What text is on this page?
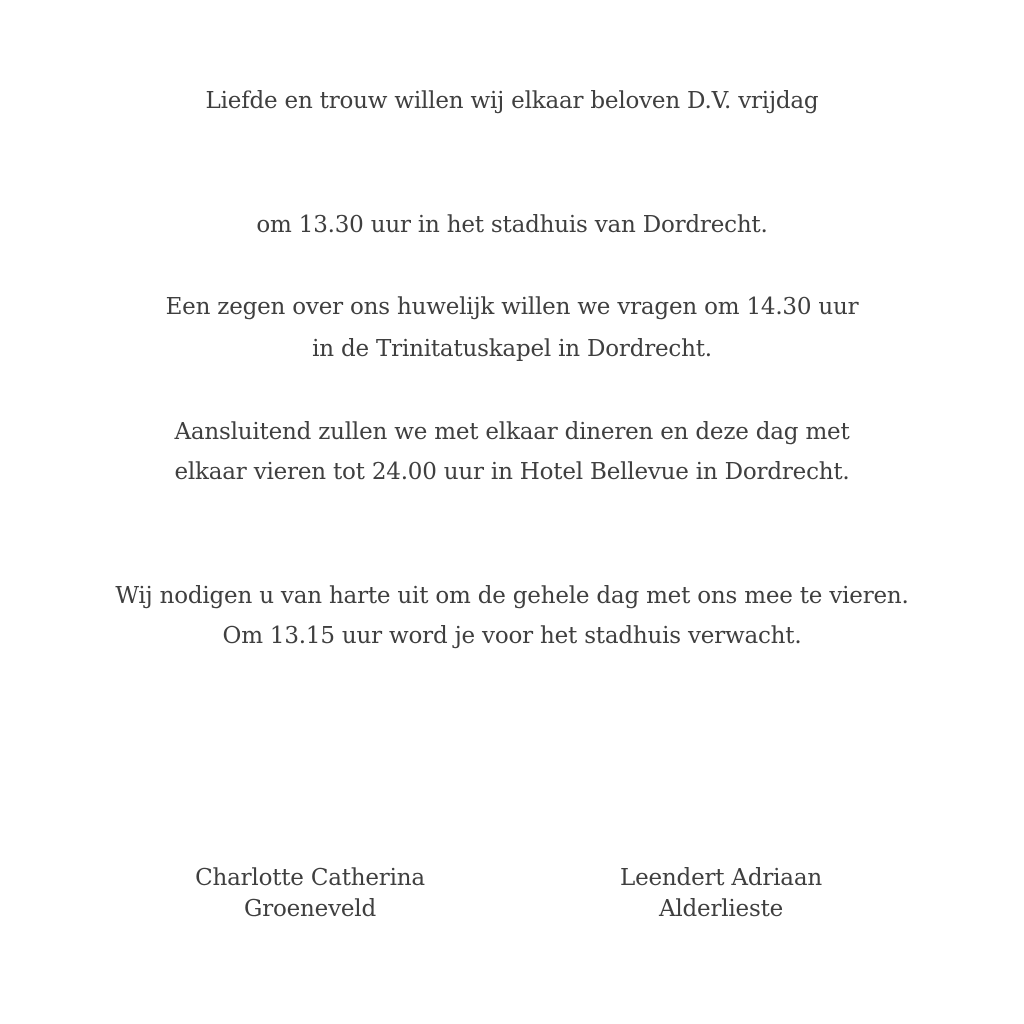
Liefde en trouw willen wij elkaar beloven D.V. vrijdag
om 13.30 uur in het stadhuis van Dordrecht.
Een zegen over ons huwelijk willen we vragen om 14.30 uur
in de Trinitatuskapel in Dordrecht.
Aansluitend zullen we met elkaar dineren en deze dag met
elkaar vieren tot 24.00 uur in Hotel Bellevue in Dordrecht.
Wij nodigen u van harte uit om de gehele dag met ons mee te vieren.
Om 13.15 uur word je voor het stadhuis verwacht.
Charlotte Catherina
Groeneveld
Leendert Adriaan
Alderlieste
